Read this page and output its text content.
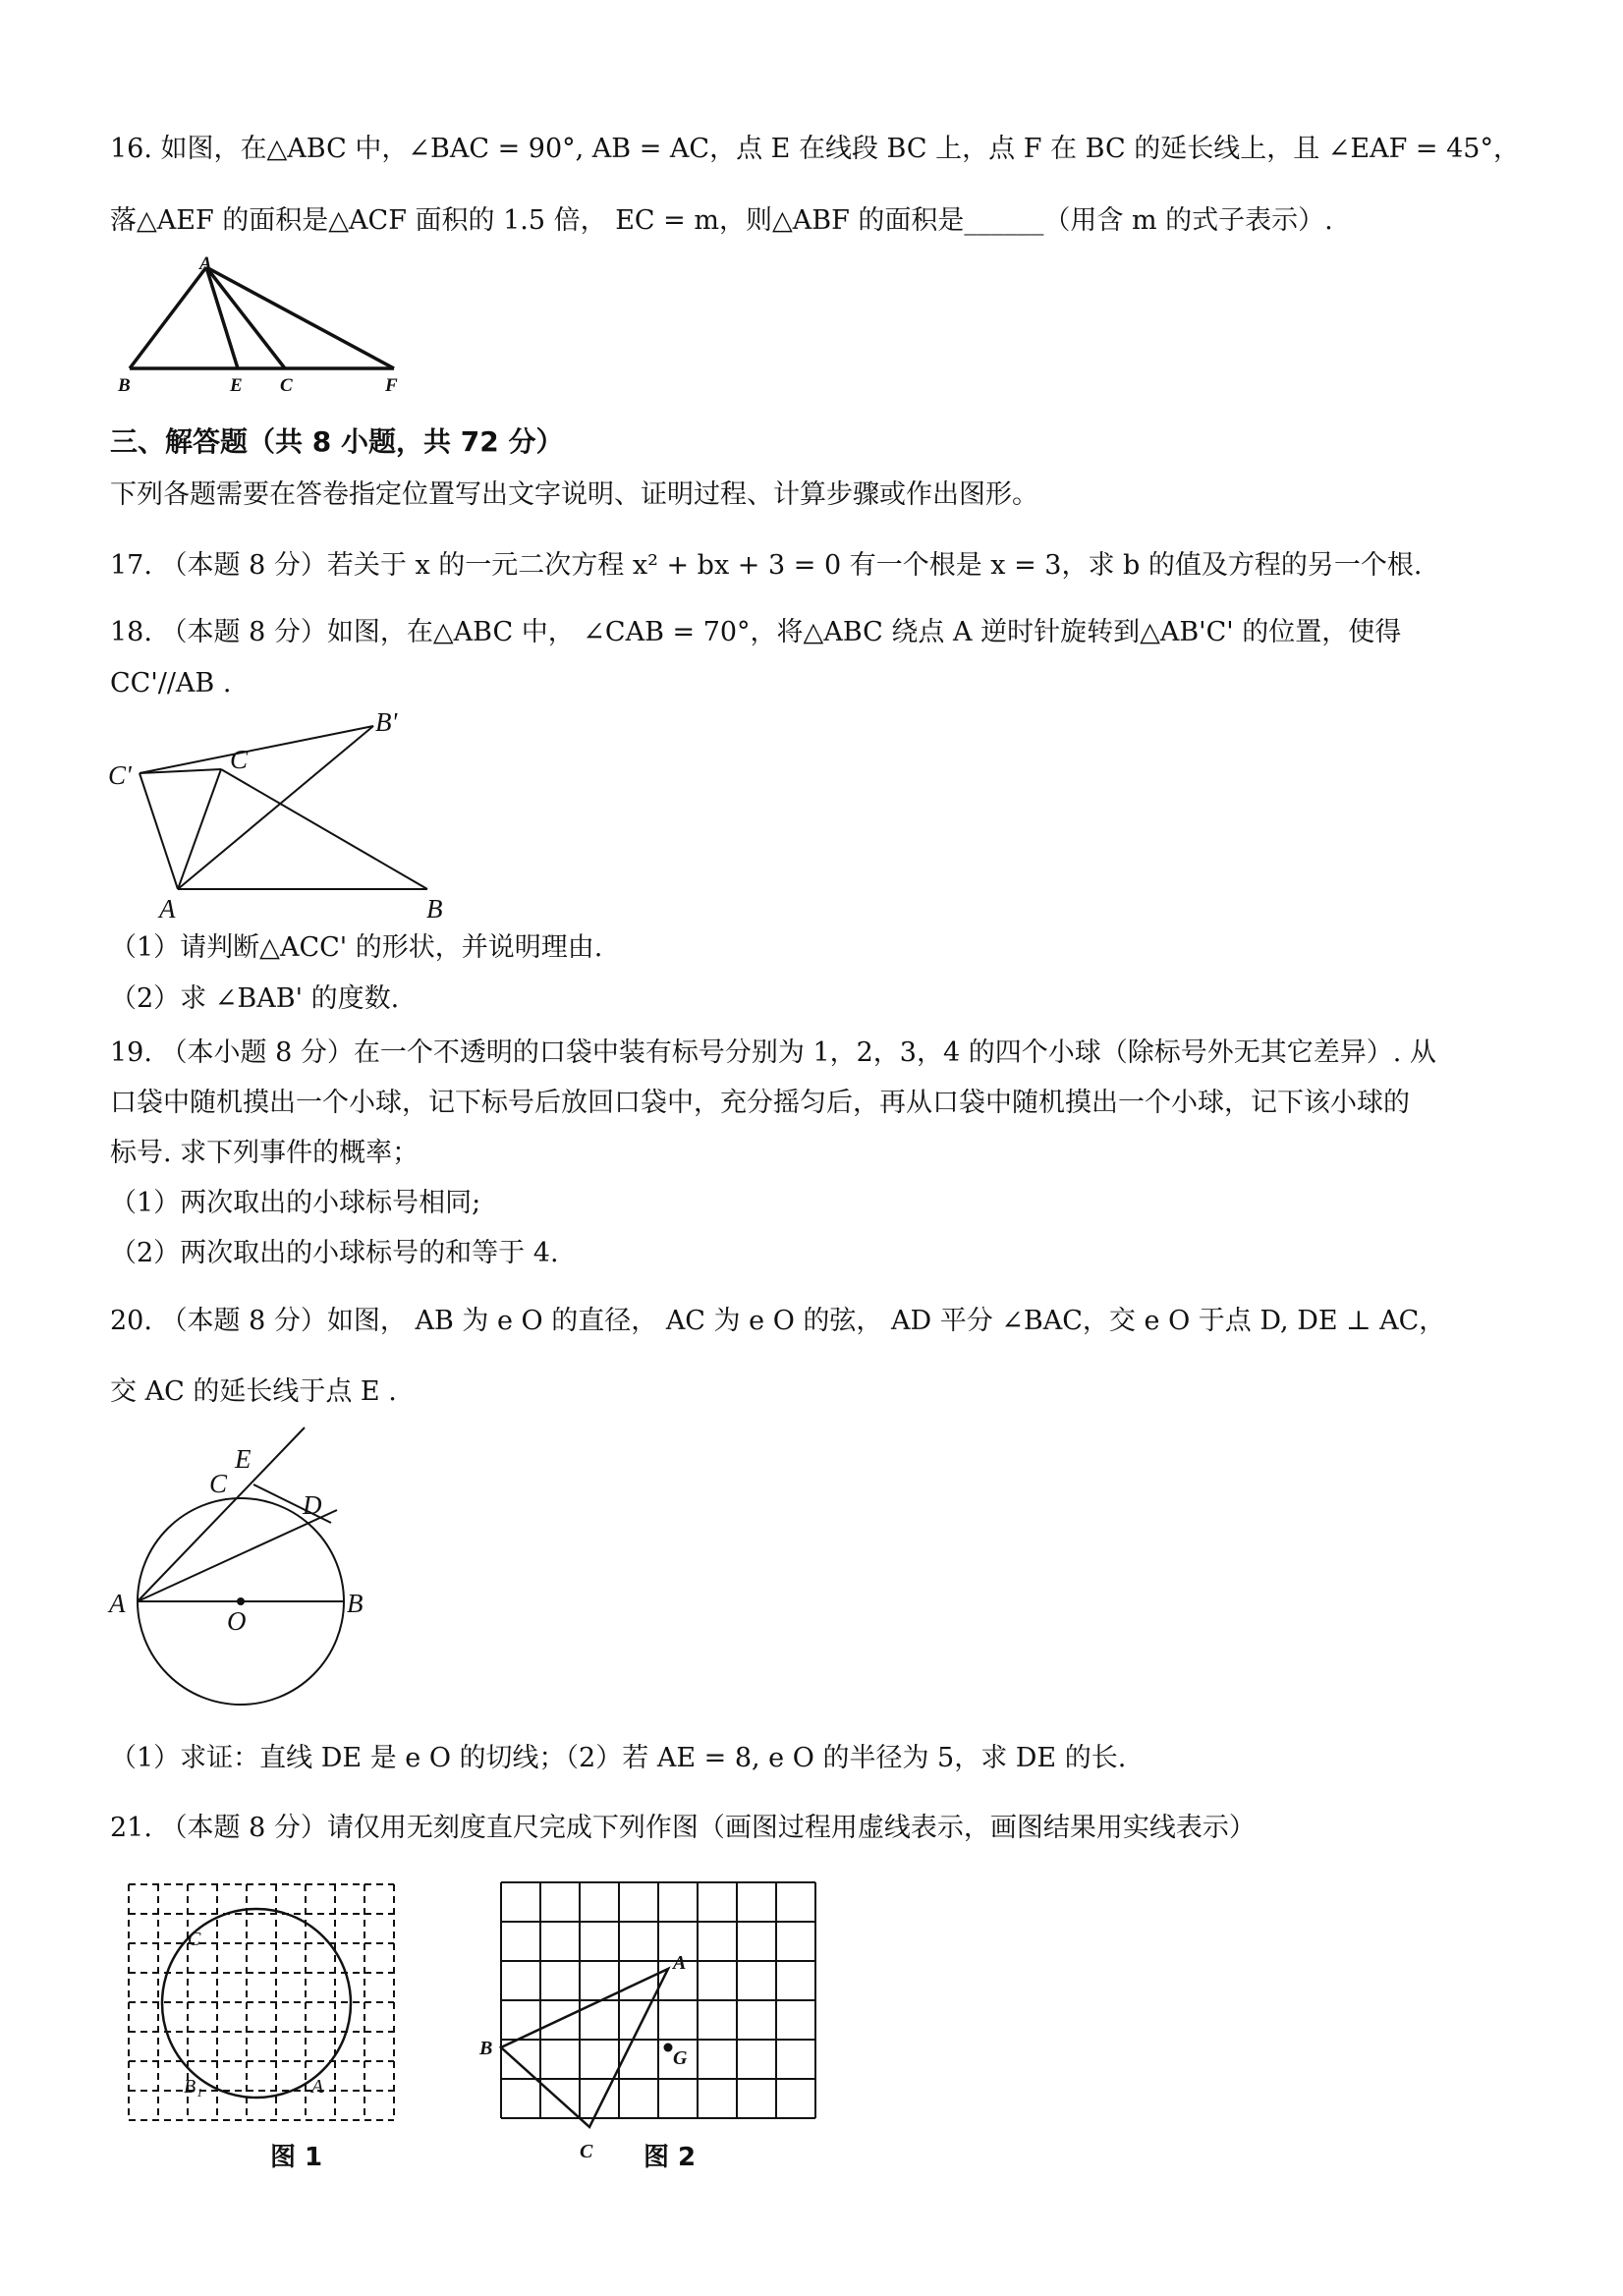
16. 如图，在△ABC 中，∠BAC = 90°, AB = AC，点 E 在线段 BC 上，点 F 在 BC 的延长线上，且 ∠EAF = 45°，
落△AEF 的面积是△ACF 面积的 1.5 倍， EC = m，则△ABF 的面积是______（用含 m 的式子表示）.
A
B	E C	F
三、解答题（共 8 小题，共 72 分）
下列各题需要在答卷指定位置写出文字说明、证明过程、计算步骤或作出图形。
17. （本题 8 分）若关于 x 的一元二次方程 x² + bx + 3 = 0 有一个根是 x = 3，求 b 的值及方程的另一个根.
18. （本题 8 分）如图，在△ABC 中， ∠CAB = 70°，将△ABC 绕点 A 逆时针旋转到△AB'C' 的位置，使得
CC'//AB .
C'
C
B'
A	B
（1）请判断△ACC' 的形状，并说明理由.
（2）求 ∠BAB' 的度数.
19. （本小题 8 分）在一个不透明的口袋中装有标号分别为 1，2，3，4 的四个小球（除标号外无其它差异）. 从
口袋中随机摸出一个小球，记下标号后放回口袋中，充分摇匀后，再从口袋中随机摸出一个小球，记下该小球的
标号. 求下列事件的概率；
（1）两次取出的小球标号相同;
（2）两次取出的小球标号的和等于 4.
20. （本题 8 分）如图， AB 为 e O 的直径， AC 为 e O 的弦， AD 平分 ∠BAC，交 e O 于点 D, DE ⊥ AC，
交 AC 的延长线于点 E .
A	B
O
C
E
D
（1）求证：直线 DE 是 e O 的切线；（2）若 AE = 8, e O 的半径为 5，求 DE 的长.
21. （本题 8 分）请仅用无刻度直尺完成下列作图（画图过程用虚线表示，画图结果用实线表示）
C
B₁	A
图 1
A
B
C
G
图 2
